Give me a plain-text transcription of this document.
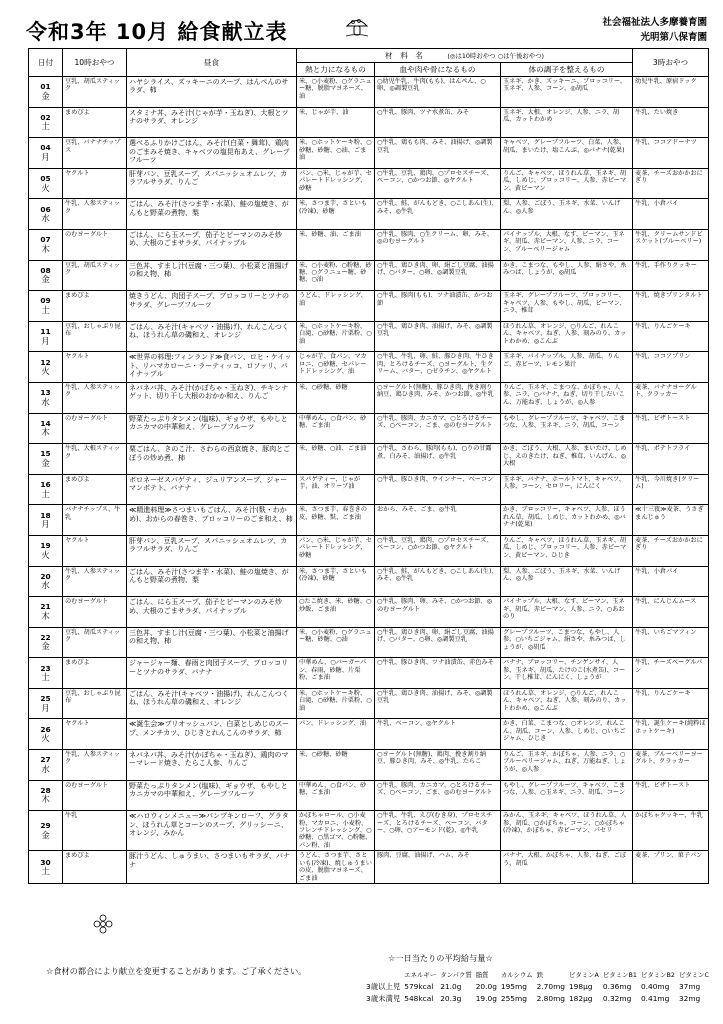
令和3年 10月 給食献立表	社会福祉法人多摩養育園
光明第八保育園
日付	10時おやつ	昼食	材　料　名 (◎は10時おやつ ○は午後おやつ)			3時おやつ
			熱と力になるもの	血や肉や骨になるもの	体の調子を整えるもの	

01
金	豆乳、胡瓜スティック	ハヤシライス、ズッキーニのスープ、はんぺんのサラダ、柿	米、○小麦粉、○グラニュー糖、脱脂マヨネーズ、油	○幼児牛乳、牛肉(もも)、はんぺん、○卵、◎調製豆乳	玉ネギ、かき、ズッキーニ、ブロッコリー、玉ネギ、人参、コーン、◎胡瓜	幼児牛乳、原宿ドック

02
土	まめぴよ	スタミナ丼、みそ汁(じゃが芋・玉ねぎ)、大根とツナのサラダ、オレンジ	米、じゃが芋、油	○牛乳、豚肉、ツナ水煮缶、みそ	玉ネギ、大根、オレンジ、人参、ニラ、胡瓜、カットわかめ	牛乳、たい焼き

04
月	豆乳、バナナチップス	選べるふりかけごはん、みそ汁(白菜・舞茸)、鶏肉のごまみそ焼き、キャベツの塩昆布あえ、グレープフルーツ	米、○ホットケーキ粉、○砂糖、砂糖、○油、ごま油	○牛乳、鶏もも肉、みそ、油揚げ、◎調製豆乳	キャベツ、グレープフルーツ、白菜、人参、胡瓜、まいたけ、塩こんぶ、◎バナナ(乾果)	牛乳、ココアドーナツ

05
火	ヤクルト	肝芽パン、豆乳スープ、スパニッシュオムレツ、カラフルサラダ、りんご	パン、○米、じゃが芋、セパレートドレッシング、砂糖	○牛乳、豆乳、鶏肉、○プロセスチーズ、ベーコン、○かつお節、◎ヤクルト	りんご、キャベツ、ほうれん草、玉ネギ、胡瓜、しめじ、ブロッコリー、人参、赤ピーマン、黄ピーマン	麦茶、チーズおかかおにぎり

06
水	牛乳、人参スティック	ごはん、みそ汁(さつま芋・水菜)、鮭の塩焼き、がんもと野菜の煮物、梨	米、さつま芋、さといも(冷凍)、砂糖	○牛乳、鮭、がんもどき、○こしあん(生)、みそ、◎牛乳	梨、人参、ごぼう、玉ネギ、水菜、いんげん、◎人参	牛乳、小倉パイ

07
木	のむヨーグルト	ごはん、にら玉スープ、茄子とピーマンのみそ炒め、大根のごまサラダ、パイナップル	米、砂糖、油、ごま油	○牛乳、豚肉、○生クリーム、卵、みそ、◎のむヨーグルト	パイナップル、大根、なす、ピーマン、玉ネギ、胡瓜、赤ピーマン、人参、ニラ、コーン、ブルーベリージャム	牛乳、クリームサンドビスケット(ブルーベリー)

08
金	豆乳、胡瓜スティック	三色丼、すまし汁(豆腐・三つ葉)、小松菜と油揚げの和え物、柿	米、○小麦粉、○粉糖、砂糖、○グラニュー糖、砂糖、○油	○牛乳、鶏ひき肉、卵、絹ごし豆腐、油揚げ、○バター、○卵、◎調製豆乳	かき、こまつな、もやし、人参、絹さや、糸みつば、しょうが、◎胡瓜	牛乳、手作りクッキー

09
土	まめぴよ	焼きうどん、肉団子スープ、ブロッコリーとツナのサラダ、グレープフルーツ	うどん、ドレッシング、油	○牛乳、豚肉(もも)、ツナ油漬缶、かつお節	玉ネギ、グレープフルーツ、ブロッコリー、キャベツ、人参、もやし、胡瓜、ピーマン、ニラ、椎茸	牛乳、焼きプリンタルト

11
月	豆乳、おしゃぶり昆布	ごはん、みそ汁(キャベツ・油揚げ)、れんこんつくね、ほうれん草の磯和え、オレンジ	米、○ホットケーキ粉、白滝、○砂糖、片栗粉、○油	○牛乳、鶏ひき肉、油揚げ、みそ、◎調製豆乳	ほうれん草、オレンジ、○りんご、れんこん、キャベツ、ねぎ、人参、刻みのり、カットわかめ、◎こんぶ	牛乳、りんごケーキ

12
火	ヤクルト	≪世界の料理:フィンランド≫食パン、ロヒ・ケイット、リハマカローニ・ラーティッコ、ロソッリ、パイナップル	じゃが芋、食パン、マカロニ、○砂糖、セパレートドレッシング、油	○牛乳、牛乳、卵、鮭、豚ひき肉、牛ひき肉、とろけるチーズ、○ヨーグルト、生クリーム、バター、○ゼラチン、◎ヤクルト	玉ネギ、パイナップル、人参、胡瓜、りんご、赤ビーツ、レモン果汁	牛乳、ココアプリン

13
水	牛乳、人参スティック	ネバネバ丼、みそ汁(かぼちゃ・玉ねぎ)、チキンナゲット、切り干し大根のおかか和え、りんご	米、○砂糖、砂糖	○ヨーグルト(無糖)、豚ひき肉、挽き割り納豆、鶏ひき肉、みそ、かつお節、◎牛乳	りんご、玉ネギ、こまつな、かぼちゃ、人参、ニラ、○バナナ、ねぎ、切り干しだいこん、万能ねぎ、しょうが、◎人参	麦茶、バナナヨーグルト、クラッカー

14
木	のむヨーグルト	野菜たっぷりタンメン(塩味)、ギョウザ、もやしとカニカマの中華和え、グレープフルーツ	中華めん、○食パン、砂糖、ごま油	○牛乳、豚肉、カニカマ、○とろけるチーズ、○ベーコン、ごま、◎のむヨーグルト	もやし、グレープフルーツ、キャベツ、こまつな、人参、玉ネギ、ニラ、胡瓜、コーン	牛乳、ピザトースト

15
金	牛乳、大根スティック	栗ごはん、きのこ汁、さわらの西京焼き、豚肉とごぼうの炒め煮、柿	米、砂糖、○油、ごま油	○牛乳、さわら、豚肉(もも)、○りの甘露煮、白みそ、油揚げ、◎牛乳	かき、ごぼう、大根、人参、まいたけ、しめじ、えのきたけ、ねぎ、椎茸、いんげん、◎大根	牛乳、ポテトフライ

16
土	まめぴよ	ボロネーゼスパゲティ、ジュリアンスープ、ジャーマンポテト、バナナ	スパゲティー、じゃが芋、油、オリーブ油	○牛乳、豚ひき肉、ウインナー、ベーコン	玉ネギ、バナナ、ホールトマト、キャベツ、人参、コーン、セロリー、にんにく	牛乳、今川焼き(クリーム)

18
月	バナナチップス、牛乳	≪精進料理≫さつまいもごはん、みそ汁(麩・わかめ)、おからの春巻き、ブロッコリーのごま和え、柿	米、さつま芋、春巻きの皮、砂糖、麩、ごま油	おから、みそ、ごま、◎牛乳	かき、ブロッコリー、キャベツ、人参、ほうれん草、胡瓜、しめじ、カットわかめ、◎バナナ(乾果)	≪十三夜≫麦茶、うさぎまんじゅう

19
火	ヤクルト	肝芽パン、豆乳スープ、スパニッシュオムレツ、カラフルサラダ、りんご	パン、○米、じゃが芋、セパレートドレッシング、砂糖	○牛乳、豆乳、鶏肉、○プロセスチーズ、ベーコン、○かつお節、◎ヤクルト	りんご、キャベツ、ほうれん草、玉ネギ、胡瓜、しめじ、ブロッコリー、人参、赤ピーマン、黄ピーマン、ひじき	麦茶、チーズおかかおにぎり

20
水	牛乳、人参スティック	ごはん、みそ汁(さつま芋・水菜)、鮭の塩焼き、がんもと野菜の煮物、梨	米、さつま芋、さといも(冷凍)、砂糖	○牛乳、鮭、がんもどき、○こしあん(生)、みそ、◎牛乳	梨、人参、ごぼう、玉ネギ、水菜、いんげん、◎人参	牛乳、小倉パイ

21
木	のむヨーグルト	ごはん、にら玉スープ、茄子とピーマンのみそ炒め、大根のごまサラダ、パイナップル	○たこ焼き、米、砂糖、○炒飯、ごま油	○牛乳、豚肉、卵、みそ、○かつお節、◎のむヨーグルト	パイナップル、大根、なす、ピーマン、玉ネギ、胡瓜、赤ピーマン、人参、ニラ、○あおのり	牛乳、にんじんムース

22
金	豆乳、胡瓜スティック	三色丼、すまし汁(豆腐・三つ葉)、小松菜と油揚げの和え物、柿	米、○小麦粉、○グラニュー糖、砂糖、○油	○牛乳、鶏ひき肉、卵、絹ごし豆腐、油揚げ、○バター、○卵、◎調製豆乳	グレープフルーツ、こまつな、もやし、人参、○いちごジャム、絹さや、糸みつば、しょうが、◎胡瓜	牛乳、いちごマフィン

23
土	まめぴよ	ジャージャー麺、春雨と肉団子スープ、ブロッコリーとツナのサラダ、バナナ	中華めん、○バーガーパン、春雨、砂糖、片栗粉、ごま油	○牛乳、豚ひき肉、ツナ油漬缶、赤色みそ	バナナ、ブロッコリー、チンゲンサイ、人参、玉ネギ、胡瓜、たけのこ(水煮缶)、コーン、干し椎茸、にんにく、しょうが	牛乳、チーズベーグルパン

25
月	豆乳、おしゃぶり昆布	ごはん、みそ汁(キャベツ・油揚げ)、れんこんつくね、ほうれん草の磯和え、オレンジ	米、○ホットケーキ粉、白滝、○砂糖、片栗粉、○油	○牛乳、鶏ひき肉、油揚げ、みそ、◎調製豆乳	ほうれん草、オレンジ、○りんご、れんこん、キャベツ、ねぎ、人参、刻みのり、カットわかめ、◎こんぶ	牛乳、りんごケーキ

26
火	ヤクルト	≪誕生会≫ブリオッシュパン、白菜としめじのスープ、メンチカツ、ひじきとれんこんのサラダ、柿	パン、ドレッシング、油	牛乳、ベーコン、◎ヤクルト	かき、白菜、こまつな、○オレンジ、れんこん、胡瓜、コーン、人参、しめじ、○いちごジャム、ひじき	牛乳、誕生ケーキ(純粋ほホットケーキ)

27
水	牛乳、人参スティック	ネバネバ丼、みそ汁(かぼちゃ・玉ねぎ)、鶏肉のマーマレード焼き、たらこ人参、りんご	米、○砂糖、砂糖	○ヨーグルト(無糖)、鶏肉、挽き割り納豆、豚ひき肉、みそ、◎牛乳、たらこ	りんご、玉ネギ、かぼちゃ、人参、ニラ、○ブルーベリージャム、ねぎ、万能ねぎ、しょうが、◎人参	麦茶、ブルーベリーヨーグルト、クラッカー

28
木	のむヨーグルト	野菜たっぷりタンメン(塩味)、ギョウザ、もやしとカニカマの中華和え、グレープフルーツ	中華めん、○食パン、砂糖、ごま油	○牛乳、豚肉、カニカマ、○とろけるチーズ、○ベーコン、ごま、◎のむヨーグルト	もやし、グレープフルーツ、キャベツ、こまつな、人参、○玉ネギ、ニラ、胡瓜、コーン	牛乳、ピザトースト

29
金	牛乳	≪ハロウィンメニュー≫パンプキンローフ、グラタン、ほうれん草とコーンのスープ、グリッシーニ、オレンジ、みかん	かぼちゃロール、○小麦粉、マカロニ、小麦粉、フレンチドレッシング、○砂糖、○黒ゴマ、○粉糖、パン粉、油	○牛乳、牛乳、えび(むき身)、プロセスチーズ、とろけるチーズ、ベーコン、バター、○卵、○アーモンド(乾)、◎牛乳	みかん、玉ネギ、キャベツ、ほうれん草、人参、胡瓜、○かぼちゃ、コーン、○かぼちゃ(冷凍)、かぼちゃ、赤ピーマン、パセリ	かぼちゃクッキー、牛乳

30
土	まめぴよ	豚汁うどん、しゅうまい、さつまいもサラダ、バナナ	うどん、さつま芋、さといも(冷凍)、焼しゅうまいの皮、脱脂マヨネーズ、ごま油	豚肉、豆腐、油揚げ、ハム、みそ	バナナ、大根、かぼちゃ、人参、ねぎ、ごぼう、胡瓜	麦茶、プリン、菓子パン
☆食材の都合により献立を変更することがあります。ご了承ください。
☆一日当たりの平均給与量☆
	エネルギー	タンパク質	脂質	カルシウム	鉄	ビタミンA	ビタミンB1	ビタミンB2	ビタミンC
3歳以上児	579kcal	21.0g	20.0g	195mg	2.70mg	198μg	0.36mg	0.40mg	37mg
3歳未満児	548kcal	20.3g	19.0g	255mg	2.80mg	182μg	0.32mg	0.41mg	32mg
